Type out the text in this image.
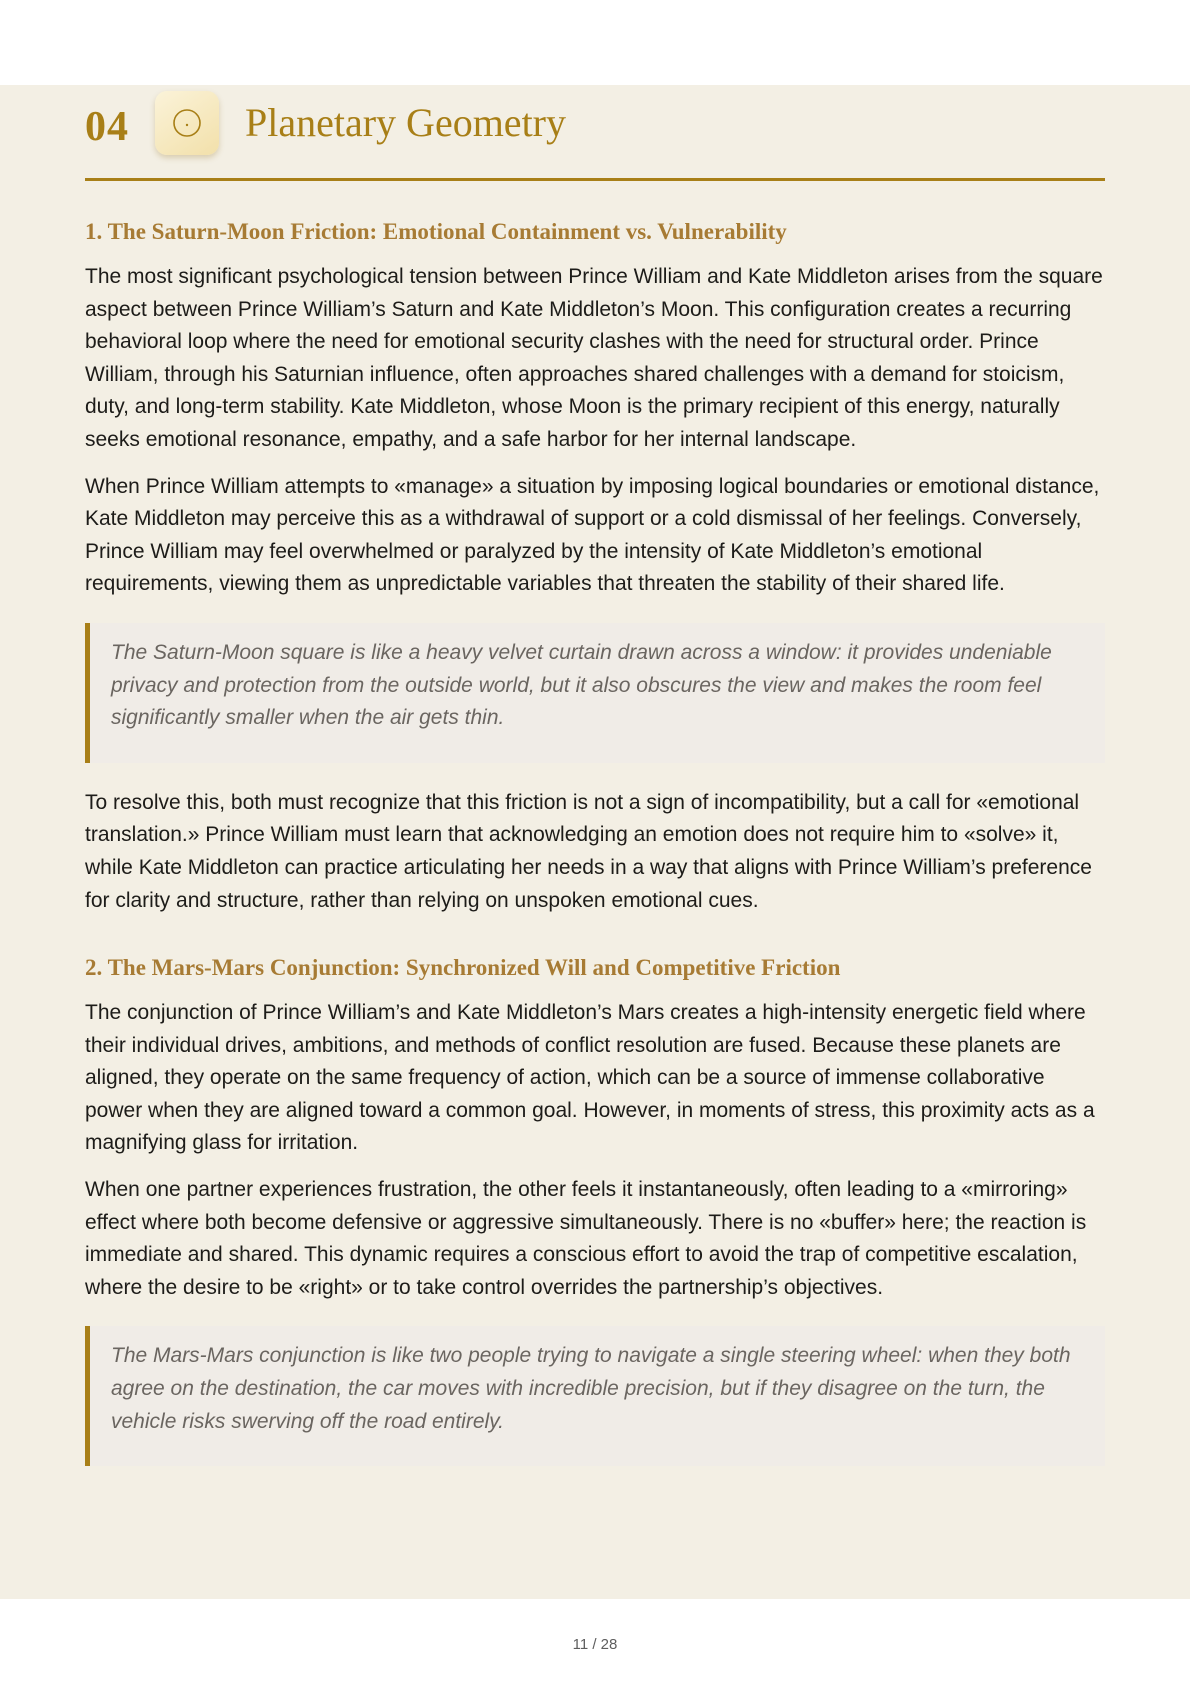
04	Planetary Geometry
1. The Saturn-Moon Friction: Emotional Containment vs. Vulnerability

The most significant psychological tension between Prince William and Kate Middleton arises from the square aspect between Prince William’s Saturn and Kate Middleton’s Moon. This configuration creates a recurring behavioral loop where the need for emotional security clashes with the need for structural order. Prince William, through his Saturnian influence, often approaches shared challenges with a demand for stoicism, duty, and long-term stability. Kate Middleton, whose Moon is the primary recipient of this energy, naturally seeks emotional resonance, empathy, and a safe harbor for her internal landscape.

When Prince William attempts to «manage» a situation by imposing logical boundaries or emotional distance, Kate Middleton may perceive this as a withdrawal of support or a cold dismissal of her feelings. Conversely, Prince William may feel overwhelmed or paralyzed by the intensity of Kate Middleton’s emotional requirements, viewing them as unpredictable variables that threaten the stability of their shared life.

The Saturn-Moon square is like a heavy velvet curtain drawn across a window: it provides undeniable privacy and protection from the outside world, but it also obscures the view and makes the room feel significantly smaller when the air gets thin.

To resolve this, both must recognize that this friction is not a sign of incompatibility, but a call for «emotional translation.» Prince William must learn that acknowledging an emotion does not require him to «solve» it, while Kate Middleton can practice articulating her needs in a way that aligns with Prince William’s preference for clarity and structure, rather than relying on unspoken emotional cues.

2. The Mars-Mars Conjunction: Synchronized Will and Competitive Friction

The conjunction of Prince William’s and Kate Middleton’s Mars creates a high-intensity energetic field where their individual drives, ambitions, and methods of conflict resolution are fused. Because these planets are aligned, they operate on the same frequency of action, which can be a source of immense collaborative power when they are aligned toward a common goal. However, in moments of stress, this proximity acts as a magnifying glass for irritation.

When one partner experiences frustration, the other feels it instantaneously, often leading to a «mirroring» effect where both become defensive or aggressive simultaneously. There is no «buffer» here; the reaction is immediate and shared. This dynamic requires a conscious effort to avoid the trap of competitive escalation, where the desire to be «right» or to take control overrides the partnership’s objectives.

The Mars-Mars conjunction is like two people trying to navigate a single steering wheel: when they both agree on the destination, the car moves with incredible precision, but if they disagree on the turn, the vehicle risks swerving off the road entirely.
11 / 28
